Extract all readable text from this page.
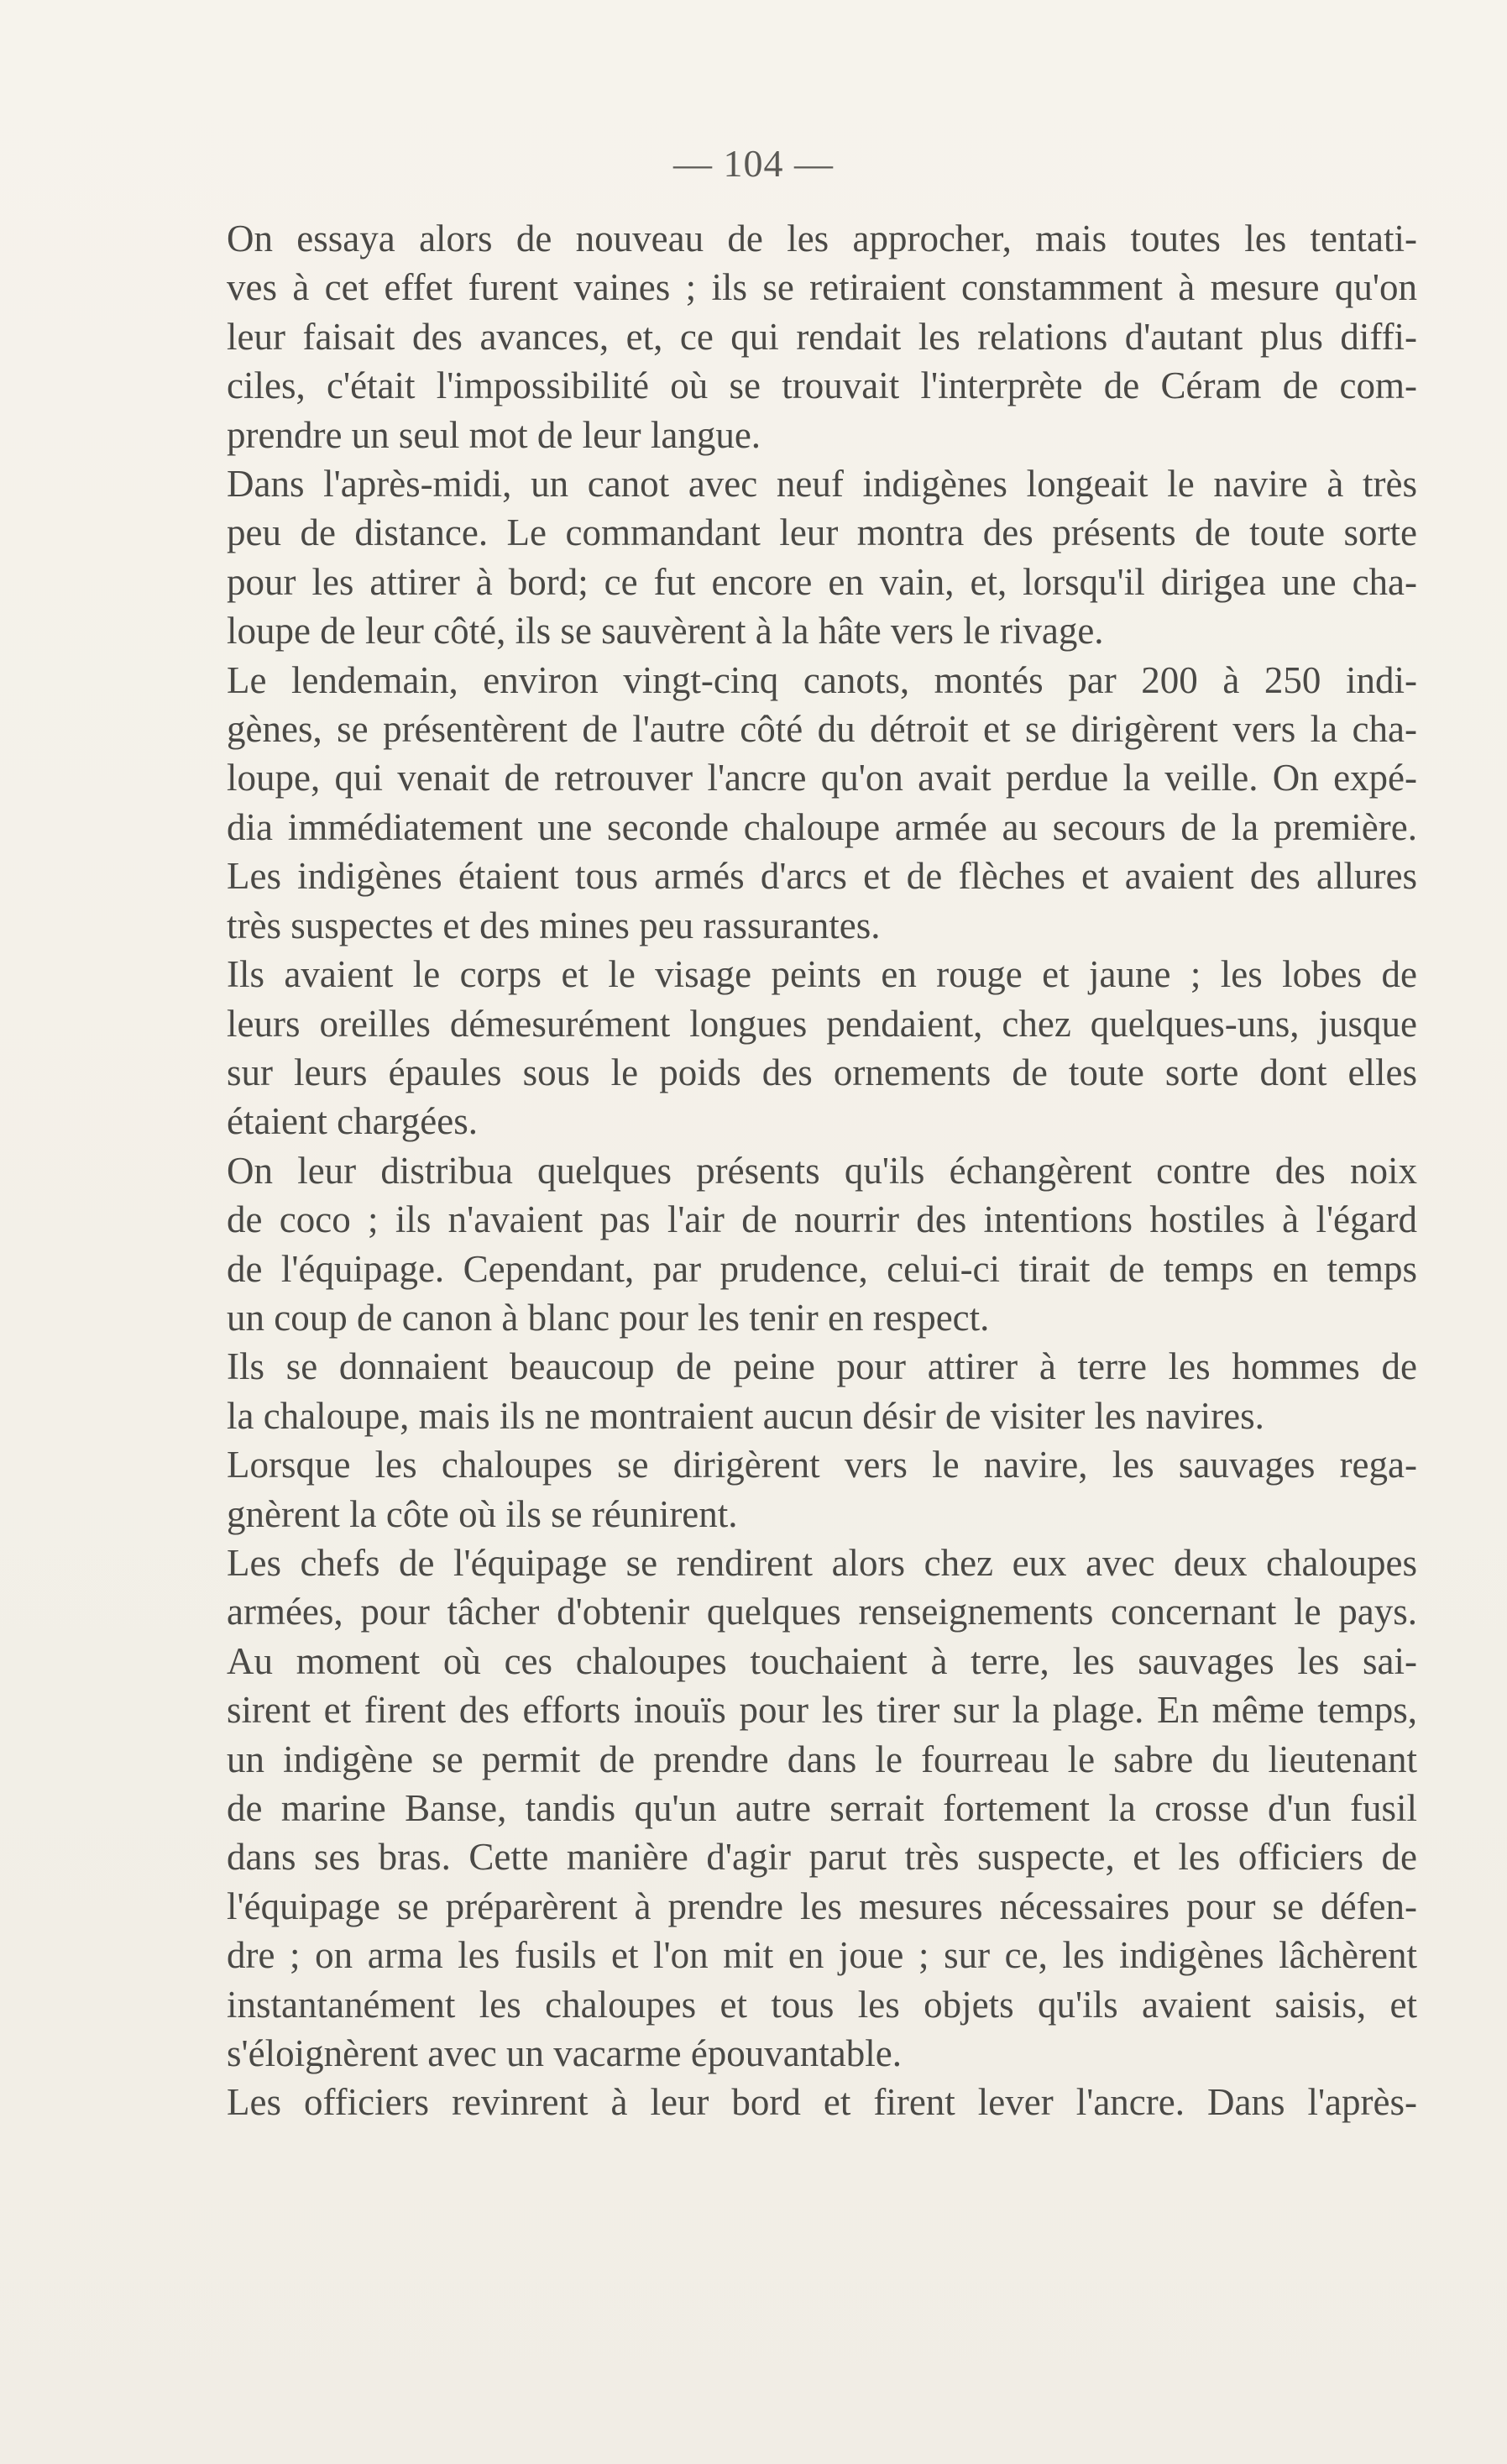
— 104 —

On essaya alors de nouveau de les approcher, mais toutes les tentati-
ves à cet effet furent vaines ; ils se retiraient constamment à mesure qu'on
leur faisait des avances, et, ce qui rendait les relations d'autant plus diffi-
ciles, c'était l'impossibilité où se trouvait l'interprète de Céram de com-
prendre un seul mot de leur langue.

Dans l'après-midi, un canot avec neuf indigènes longeait le navire à très
peu de distance. Le commandant leur montra des présents de toute sorte
pour les attirer à bord; ce fut encore en vain, et, lorsqu'il dirigea une cha-
loupe de leur côté, ils se sauvèrent à la hâte vers le rivage.

Le lendemain, environ vingt-cinq canots, montés par 200 à 250 indi-
gènes, se présentèrent de l'autre côté du détroit et se dirigèrent vers la cha-
loupe, qui venait de retrouver l'ancre qu'on avait perdue la veille. On expé-
dia immédiatement une seconde chaloupe armée au secours de la première.
Les indigènes étaient tous armés d'arcs et de flèches et avaient des allures
très suspectes et des mines peu rassurantes.

Ils avaient le corps et le visage peints en rouge et jaune ; les lobes de
leurs oreilles démesurément longues pendaient, chez quelques-uns, jusque
sur leurs épaules sous le poids des ornements de toute sorte dont elles
étaient chargées.

On leur distribua quelques présents qu'ils échangèrent contre des noix
de coco ; ils n'avaient pas l'air de nourrir des intentions hostiles à l'égard
de l'équipage. Cependant, par prudence, celui-ci tirait de temps en temps
un coup de canon à blanc pour les tenir en respect.

Ils se donnaient beaucoup de peine pour attirer à terre les hommes de
la chaloupe, mais ils ne montraient aucun désir de visiter les navires.

Lorsque les chaloupes se dirigèrent vers le navire, les sauvages rega-
gnèrent la côte où ils se réunirent.

Les chefs de l'équipage se rendirent alors chez eux avec deux chaloupes
armées, pour tâcher d'obtenir quelques renseignements concernant le pays.

Au moment où ces chaloupes touchaient à terre, les sauvages les sai-
sirent et firent des efforts inouïs pour les tirer sur la plage. En même temps,
un indigène se permit de prendre dans le fourreau le sabre du lieutenant
de marine Banse, tandis qu'un autre serrait fortement la crosse d'un fusil
dans ses bras. Cette manière d'agir parut très suspecte, et les officiers de
l'équipage se préparèrent à prendre les mesures nécessaires pour se défen-
dre ; on arma les fusils et l'on mit en joue ; sur ce, les indigènes lâchèrent
instantanément les chaloupes et tous les objets qu'ils avaient saisis, et
s'éloignèrent avec un vacarme épouvantable.

Les officiers revinrent à leur bord et firent lever l'ancre. Dans l'après-
